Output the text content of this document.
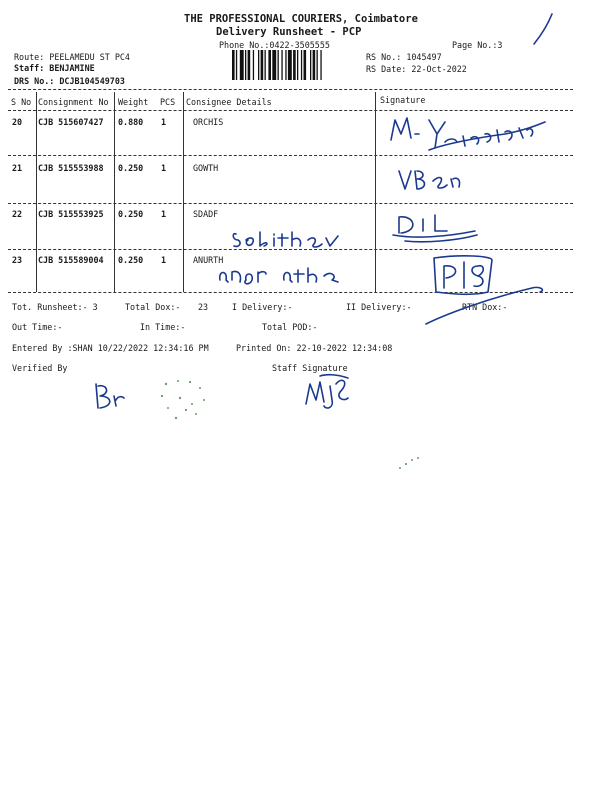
THE PROFESSIONAL COURIERS, Coimbatore
Delivery Runsheet - PCP
Phone No.:0422-3505555	Page No.:3
Route: PEELAMEDU ST PC4
Staff: BENJAMINE
DRS No.: DCJB104549703
RS No.: 1045497
RS Date: 22-Oct-2022
S No Consignment No Weight PCS Consignee Details	Signature
20 CJB 515607427 0.880 1	ORCHIS
21 CJB 515553988 0.250 1	GOWTH
22 CJB 515553925 0.250 1	SDADF
23 CJB 515589004 0.250 1	ANURTH
Tot. Runsheet:- 3	Total Dox:- 23	I Delivery:-	II Delivery:-	RTN Dox:-
Out Time:-	In Time:-	Total POD:-
Entered By :SHAN 10/22/2022 12:34:16 PM	Printed On: 22-10-2022 12:34:08
Verified By	Staff Signature
